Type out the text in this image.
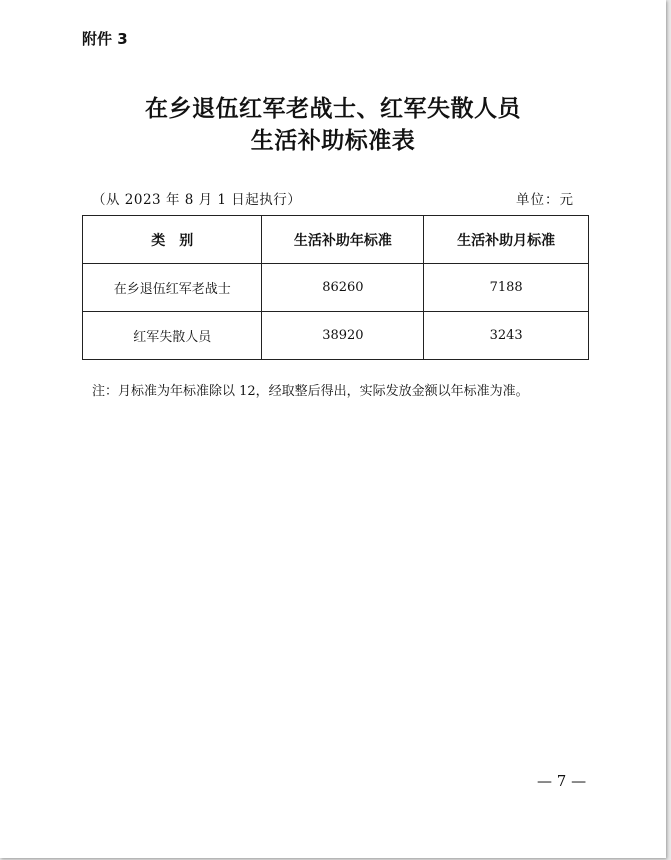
附件 3
在乡退伍红军老战士、红军失散人员
生活补助标准表
（从 2023 年 8 月 1 日起执行）	单位：元
类　别	生活补助年标准	生活补助月标准
在乡退伍红军老战士	86260	7188
红军失散人员	38920	3243
注：月标准为年标准除以 12，经取整后得出，实际发放金额以年标准为准。
— 7 —
